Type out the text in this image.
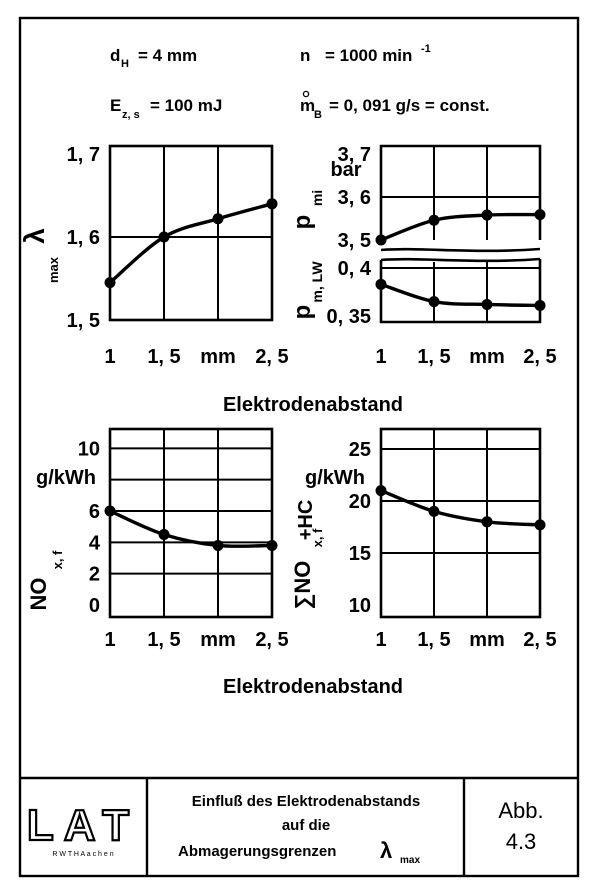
d H = 4 mm	n = 1000 min -1
E z, s = 100 mJ	m
B = 0, 091 g/s = const.
1, 5
1, 6
1, 7
1 1, 5 mm 2, 5
λ
max
3, 5
3, 6
3, 7
p
mi
bar
0, 35
0, 4
1 1, 5 mm 2, 5
p
m, LW
0
2
4
6
10
1 1, 5 mm 2, 5
g/kWh
NO
x, f
10
15
20
25
1 1, 5 mm 2, 5
g/kWh
∑NO
x, f
+HC
Elektrodenabstand
Elektrodenabstand
LAT
R W T H A a c h e n
Einfluß des Elektrodenabstands
auf die
Abmagerungsgrenzen λ max
Abb.
4.3
